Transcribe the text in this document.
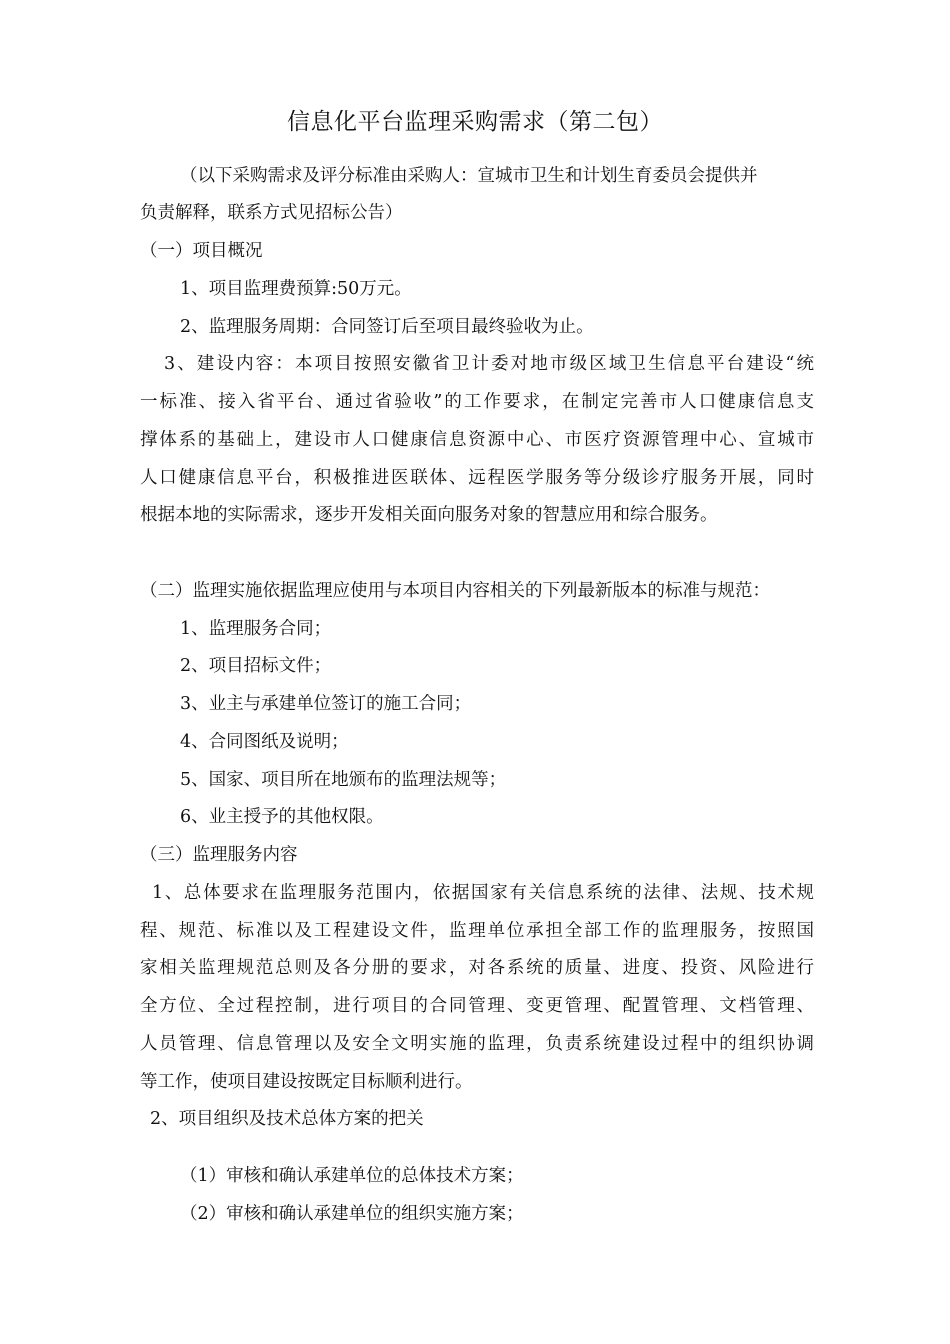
信息化平台监理采购需求（第二包）
（以下采购需求及评分标准由采购人：宣城市卫生和计划生育委员会提供并
负责解释，联系方式见招标公告）
（一）项目概况
1、项目监理费预算:50万元。
2、监理服务周期：合同签订后至项目最终验收为止。
3、建设内容：本项目按照安徽省卫计委对地市级区域卫生信息平台建设“统
一标准、接入省平台、通过省验收”的工作要求，在制定完善市人口健康信息支
撑体系的基础上，建设市人口健康信息资源中心、市医疗资源管理中心、宣城市
人口健康信息平台，积极推进医联体、远程医学服务等分级诊疗服务开展，同时
根据本地的实际需求，逐步开发相关面向服务对象的智慧应用和综合服务。
（二）监理实施依据监理应使用与本项目内容相关的下列最新版本的标准与规范：
1、监理服务合同；
2、项目招标文件；
3、业主与承建单位签订的施工合同；
4、合同图纸及说明；
5、国家、项目所在地颁布的监理法规等；
6、业主授予的其他权限。
（三）监理服务内容
1、总体要求在监理服务范围内，依据国家有关信息系统的法律、法规、技术规
程、规范、标准以及工程建设文件，监理单位承担全部工作的监理服务，按照国
家相关监理规范总则及各分册的要求，对各系统的质量、进度、投资、风险进行
全方位、全过程控制，进行项目的合同管理、变更管理、配置管理、文档管理、
人员管理、信息管理以及安全文明实施的监理，负责系统建设过程中的组织协调
等工作，使项目建设按既定目标顺利进行。
2、项目组织及技术总体方案的把关
（1）审核和确认承建单位的总体技术方案；
（2）审核和确认承建单位的组织实施方案；
